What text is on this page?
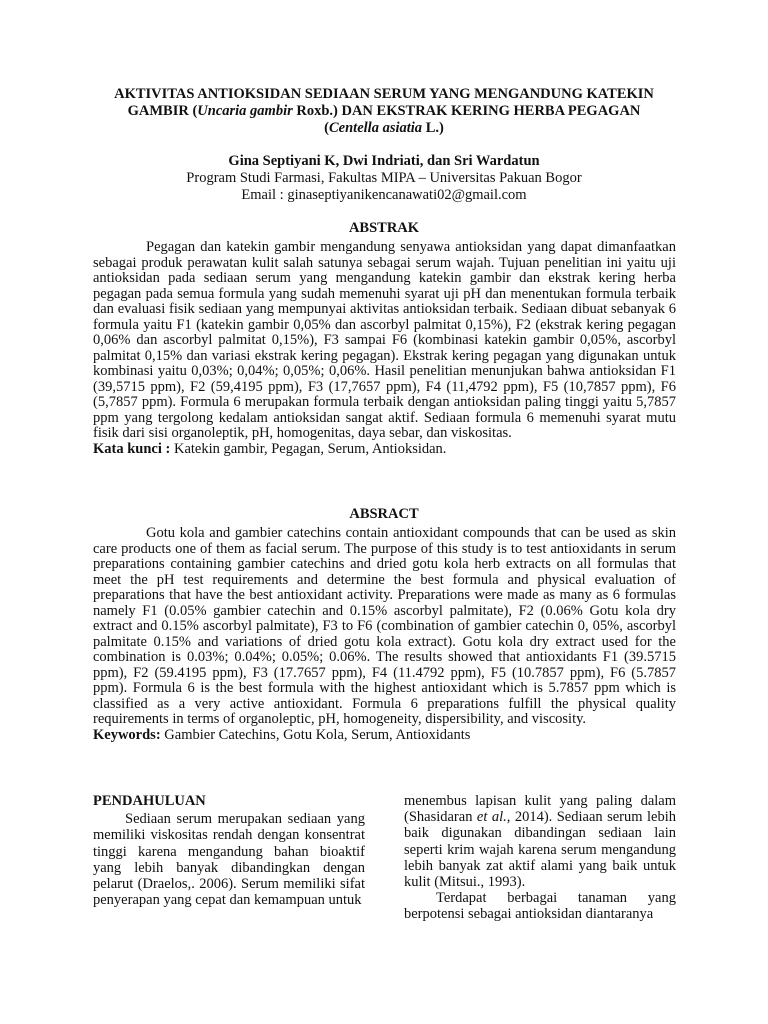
AKTIVITAS ANTIOKSIDAN SEDIAAN SERUM YANG MENGANDUNG KATEKIN
GAMBIR (Uncaria gambir Roxb.) DAN EKSTRAK KERING HERBA PEGAGAN
(Centella asiatia L.)
Gina Septiyani K, Dwi Indriati, dan Sri Wardatun
Program Studi Farmasi, Fakultas MIPA – Universitas Pakuan Bogor
Email : ginaseptiyanikencanawati02@gmail.com
ABSTRAK

Pegagan dan katekin gambir mengandung senyawa antioksidan yang dapat dimanfaatkan sebagai produk perawatan kulit salah satunya sebagai serum wajah. Tujuan penelitian ini yaitu uji antioksidan pada sediaan serum yang mengandung katekin gambir dan ekstrak kering herba pegagan pada semua formula yang sudah memenuhi syarat uji pH dan menentukan formula terbaik dan evaluasi fisik sediaan yang mempunyai aktivitas antioksidan terbaik. Sediaan dibuat sebanyak 6 formula yaitu F1 (katekin gambir 0,05% dan ascorbyl palmitat 0,15%), F2 (ekstrak kering pegagan 0,06% dan ascorbyl palmitat 0,15%), F3 sampai F6 (kombinasi katekin gambir 0,05%, ascorbyl palmitat 0,15% dan variasi ekstrak kering pegagan). Ekstrak kering pegagan yang digunakan untuk kombinasi yaitu 0,03%; 0,04%; 0,05%; 0,06%. Hasil penelitian menunjukan bahwa antioksidan F1 (39,5715 ppm), F2 (59,4195 ppm), F3 (17,7657 ppm), F4 (11,4792 ppm), F5 (10,7857 ppm), F6 (5,7857 ppm). Formula 6 merupakan formula terbaik dengan antioksidan paling tinggi yaitu 5,7857 ppm yang tergolong kedalam antioksidan sangat aktif. Sediaan formula 6 memenuhi syarat mutu fisik dari sisi organoleptik, pH, homogenitas, daya sebar, dan viskositas.

Kata kunci : Katekin gambir, Pegagan, Serum, Antioksidan.

ABSRACT

Gotu kola and gambier catechins contain antioxidant compounds that can be used as skin care products one of them as facial serum. The purpose of this study is to test antioxidants in serum preparations containing gambier catechins and dried gotu kola herb extracts on all formulas that meet the pH test requirements and determine the best formula and physical evaluation of preparations that have the best antioxidant activity. Preparations were made as many as 6 formulas namely F1 (0.05% gambier catechin and 0.15% ascorbyl palmitate), F2 (0.06% Gotu kola dry extract and 0.15% ascorbyl palmitate), F3 to F6 (combination of gambier catechin 0, 05%, ascorbyl palmitate 0.15% and variations of dried gotu kola extract). Gotu kola dry extract used for the combination is 0.03%; 0.04%; 0.05%; 0.06%. The results showed that antioxidants F1 (39.5715 ppm), F2 (59.4195 ppm), F3 (17.7657 ppm), F4 (11.4792 ppm), F5 (10.7857 ppm), F6 (5.7857 ppm). Formula 6 is the best formula with the highest antioxidant which is 5.7857 ppm which is classified as a very active antioxidant. Formula 6 preparations fulfill the physical quality requirements in terms of organoleptic, pH, homogeneity, dispersibility, and viscosity.

Keywords: Gambier Catechins, Gotu Kola, Serum, Antioxidants

PENDAHULUAN

Sediaan serum merupakan sediaan yang memiliki viskositas rendah dengan konsentrat tinggi karena mengandung bahan bioaktif yang lebih banyak dibandingkan dengan pelarut (Draelos,. 2006). Serum memiliki sifat penyerapan yang cepat dan kemampuan untuk

menembus lapisan kulit yang paling dalam (Shasidaran et al., 2014). Sediaan serum lebih baik digunakan dibandingan sediaan lain seperti krim wajah karena serum mengandung lebih banyak zat aktif alami yang baik untuk kulit (Mitsui., 1993).

Terdapat berbagai tanaman yang berpotensi sebagai antioksidan diantaranya
